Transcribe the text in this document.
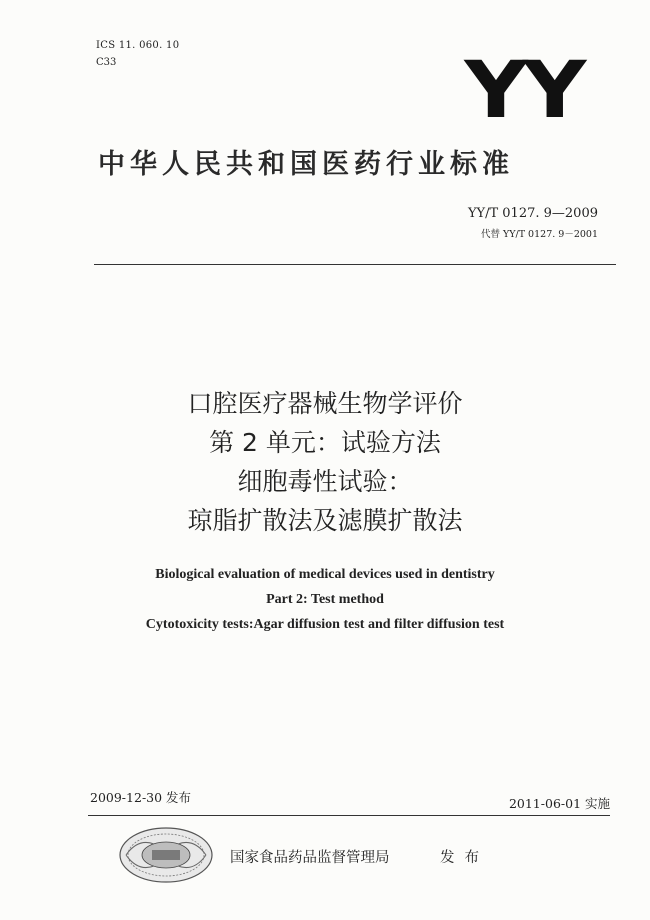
ICS 11. 060. 10
C33	YY
中华人民共和国医药行业标准
YY/T 0127. 9—2009
代替 YY/T 0127. 9－2001
口腔医疗器械生物学评价
第 2 单元：试验方法
细胞毒性试验：
琼脂扩散法及滤膜扩散法
Biological evaluation of medical devices used in dentistry
Part 2: Test method
Cytotoxicity tests:Agar diffusion test and filter diffusion test
2009-12-30 发布	2011-06-01 实施
国家食品药品监督管理局	发布
